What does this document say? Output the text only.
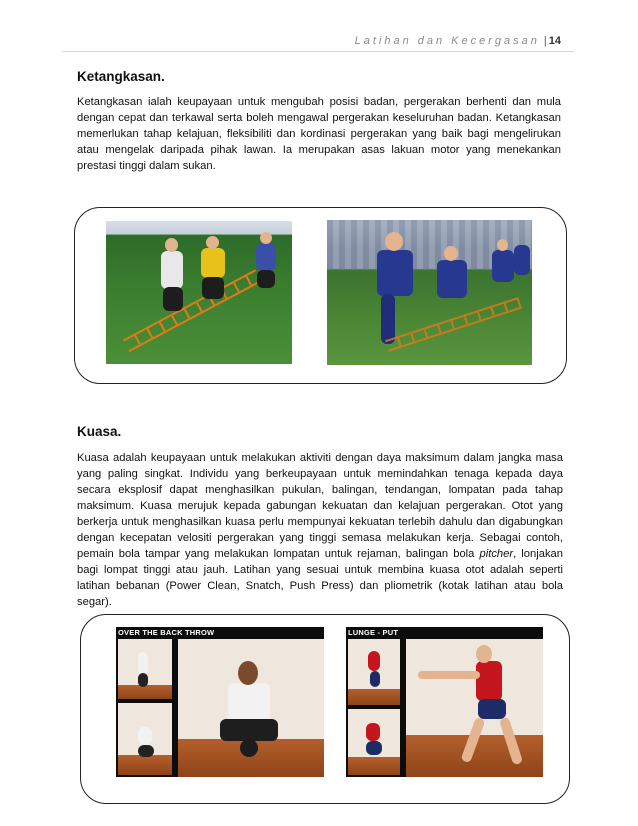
Latihan dan Kecergasan | 14
Ketangkasan.

Ketangkasan ialah keupayaan untuk mengubah posisi badan, pergerakan berhenti dan mula dengan cepat dan terkawal serta boleh mengawal pergerakan keseluruhan badan. Ketangkasan memerlukan tahap kelajuan, fleksibiliti dan kordinasi pergerakan yang baik bagi mengelirukan atau mengelak daripada pihak lawan. Ia merupakan asas lakuan motor yang menekankan prestasi tinggi dalam sukan.

Kuasa.

Kuasa adalah keupayaan untuk melakukan aktiviti dengan daya maksimum dalam jangka masa yang paling singkat. Individu yang berkeupayaan untuk memindahkan tenaga kepada daya secara eksplosif dapat menghasilkan pukulan, balingan, tendangan, lompatan pada tahap maksimum. Kuasa merujuk kepada gabungan kekuatan dan kelajuan pergerakan. Otot yang berkerja untuk menghasilkan kuasa perlu mempunyai kekuatan terlebih dahulu dan digabungkan dengan kecepatan velositi pergerakan yang tinggi semasa melakukan kerja. Sebagai contoh, pemain bola tampar yang melakukan lompatan untuk rejaman, balingan bola pitcher, lonjakan bagi lompat tinggi atau jauh. Latihan yang sesuai untuk membina kuasa otot adalah seperti latihan bebanan (Power Clean, Snatch, Push Press) dan pliometrik (kotak latihan atau bola segar).

OVER THE BACK THROW	LUNGE - PUT
